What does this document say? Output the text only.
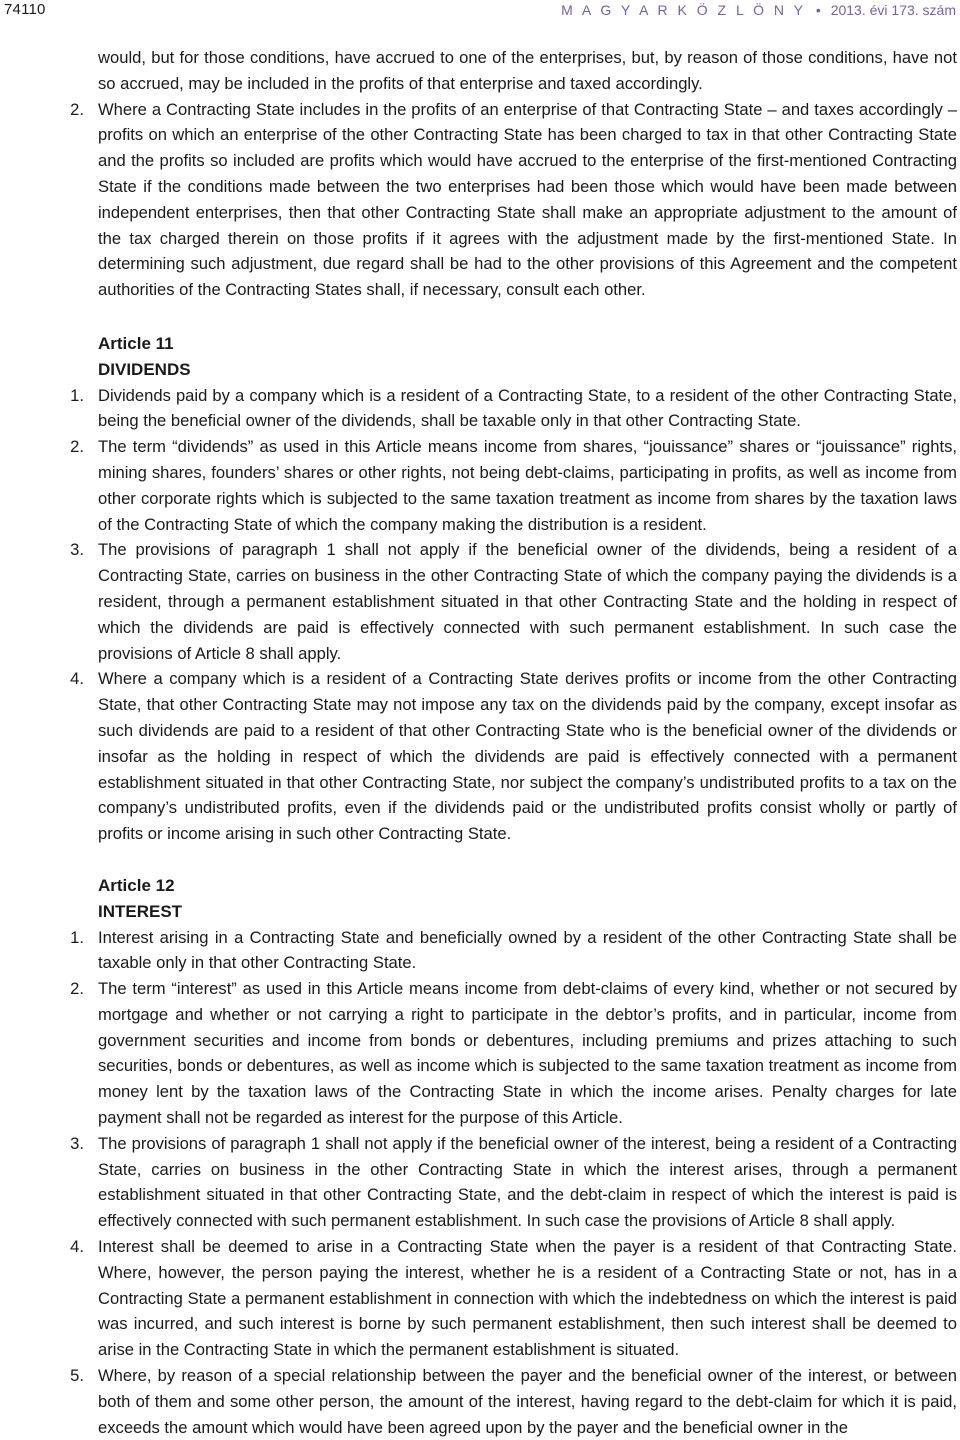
74110	M A G Y A R K Ö Z L Ö N Y • 2013. évi 173. szám

would, but for those conditions, have accrued to one of the enterprises, but, by reason of those conditions, have not so accrued, may be included in the profits of that enterprise and taxed accordingly.

2. Where a Contracting State includes in the profits of an enterprise of that Contracting State – and taxes accordingly – profits on which an enterprise of the other Contracting State has been charged to tax in that other Contracting State and the profits so included are profits which would have accrued to the enterprise of the first-mentioned Contracting State if the conditions made between the two enterprises had been those which would have been made between independent enterprises, then that other Contracting State shall make an appropriate adjustment to the amount of the tax charged therein on those profits if it agrees with the adjustment made by the first-mentioned State. In determining such adjustment, due regard shall be had to the other provisions of this Agreement and the competent authorities of the Contracting States shall, if necessary, consult each other.

Article 11

DIVIDENDS

1. Dividends paid by a company which is a resident of a Contracting State, to a resident of the other Contracting State, being the beneficial owner of the dividends, shall be taxable only in that other Contracting State.

2. The term “dividends” as used in this Article means income from shares, “jouissance” shares or “jouissance” rights, mining shares, founders’ shares or other rights, not being debt-claims, participating in profits, as well as income from other corporate rights which is subjected to the same taxation treatment as income from shares by the taxation laws of the Contracting State of which the company making the distribution is a resident.

3. The provisions of paragraph 1 shall not apply if the beneficial owner of the dividends, being a resident of a Contracting State, carries on business in the other Contracting State of which the company paying the dividends is a resident, through a permanent establishment situated in that other Contracting State and the holding in respect of which the dividends are paid is effectively connected with such permanent establishment. In such case the provisions of Article 8 shall apply.

4. Where a company which is a resident of a Contracting State derives profits or income from the other Contracting State, that other Contracting State may not impose any tax on the dividends paid by the company, except insofar as such dividends are paid to a resident of that other Contracting State who is the beneficial owner of the dividends or insofar as the holding in respect of which the dividends are paid is effectively connected with a permanent establishment situated in that other Contracting State, nor subject the company’s undistributed profits to a tax on the company’s undistributed profits, even if the dividends paid or the undistributed profits consist wholly or partly of profits or income arising in such other Contracting State.

Article 12

INTEREST

1. Interest arising in a Contracting State and beneficially owned by a resident of the other Contracting State shall be taxable only in that other Contracting State.

2. The term “interest” as used in this Article means income from debt-claims of every kind, whether or not secured by mortgage and whether or not carrying a right to participate in the debtor’s profits, and in particular, income from government securities and income from bonds or debentures, including premiums and prizes attaching to such securities, bonds or debentures, as well as income which is subjected to the same taxation treatment as income from money lent by the taxation laws of the Contracting State in which the income arises. Penalty charges for late payment shall not be regarded as interest for the purpose of this Article.

3. The provisions of paragraph 1 shall not apply if the beneficial owner of the interest, being a resident of a Contracting State, carries on business in the other Contracting State in which the interest arises, through a permanent establishment situated in that other Contracting State, and the debt-claim in respect of which the interest is paid is effectively connected with such permanent establishment. In such case the provisions of Article 8 shall apply.

4. Interest shall be deemed to arise in a Contracting State when the payer is a resident of that Contracting State. Where, however, the person paying the interest, whether he is a resident of a Contracting State or not, has in a Contracting State a permanent establishment in connection with which the indebtedness on which the interest is paid was incurred, and such interest is borne by such permanent establishment, then such interest shall be deemed to arise in the Contracting State in which the permanent establishment is situated.

5. Where, by reason of a special relationship between the payer and the beneficial owner of the interest, or between both of them and some other person, the amount of the interest, having regard to the debt-claim for which it is paid, exceeds the amount which would have been agreed upon by the payer and the beneficial owner in the
